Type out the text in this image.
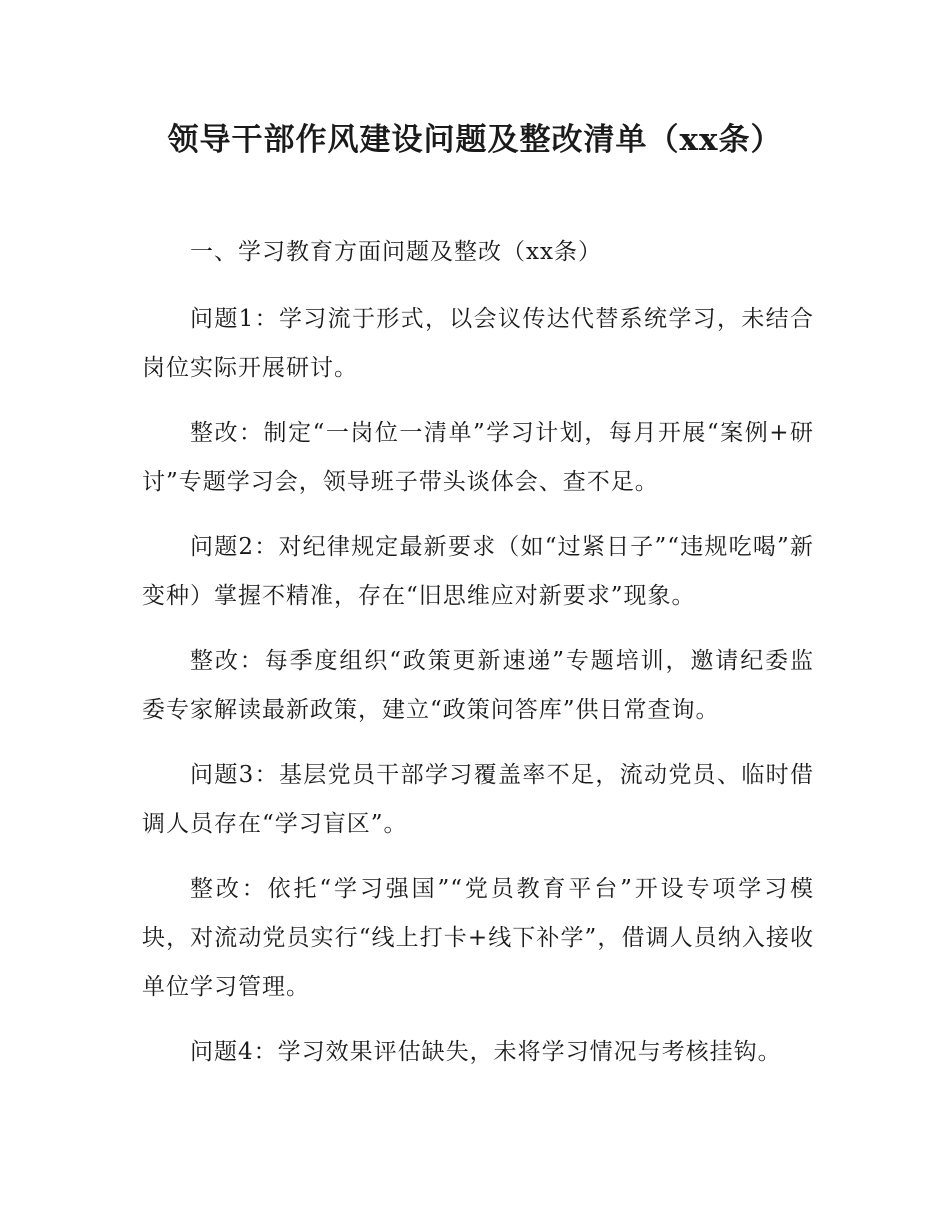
领导干部作风建设问题及整改清单（xx条）

一、学习教育方面问题及整改（xx条）

问题1：学习流于形式，以会议传达代替系统学习，未结合岗位实际开展研讨。

整改：制定“一岗位一清单”学习计划，每月开展“案例+研讨”专题学习会，领导班子带头谈体会、查不足。

问题2：对纪律规定最新要求（如“过紧日子”“违规吃喝”新变种）掌握不精准，存在“旧思维应对新要求”现象。

整改：每季度组织“政策更新速递”专题培训，邀请纪委监委专家解读最新政策，建立“政策问答库”供日常查询。

问题3：基层党员干部学习覆盖率不足，流动党员、临时借调人员存在“学习盲区”。

整改：依托“学习强国”“党员教育平台”开设专项学习模块，对流动党员实行“线上打卡+线下补学”，借调人员纳入接收单位学习管理。

问题4：学习效果评估缺失，未将学习情况与考核挂钩。
